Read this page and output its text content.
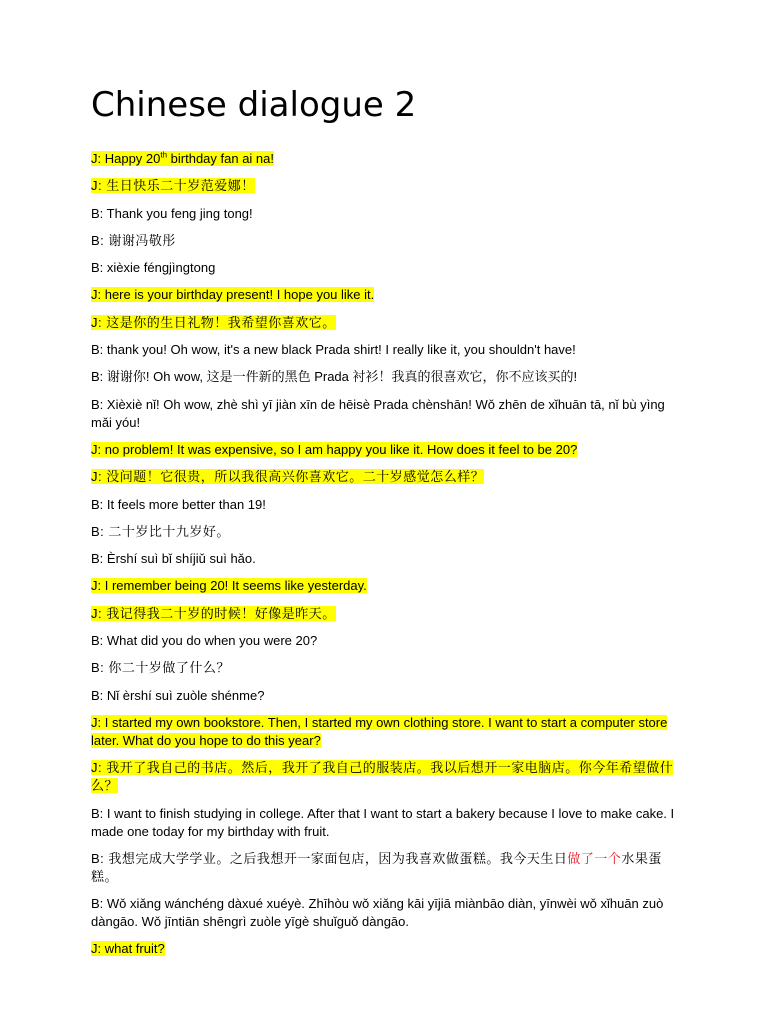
Chinese dialogue 2

J: Happy 20th birthday fan ai na!

J: 生日快乐二十岁范爱娜！

B: Thank you feng jing tong!

B: 谢谢冯敬彤

B: xièxie féngjìngtong

J: here is your birthday present! I hope you like it.

J: 这是你的生日礼物！我希望你喜欢它。

B: thank you! Oh wow, it's a new black Prada shirt! I really like it, you shouldn't have!

B: 谢谢你! Oh wow, 这是一件新的黑色 Prada 衬衫！我真的很喜欢它，你不应该买的!

B: Xièxiè nǐ! Oh wow, zhè shì yī jiàn xīn de hēisè Prada chènshān! Wǒ zhēn de xǐhuān tā, nǐ bù yìng mǎi yóu!

J: no problem! It was expensive, so I am happy you like it. How does it feel to be 20?

J: 没问题！它很贵，所以我很高兴你喜欢它。二十岁感觉怎么样？

B: It feels more better than 19!

B: 二十岁比十九岁好。

B: Èrshí suì bǐ shíjiǔ suì hǎo.

J: I remember being 20! It seems like yesterday.

J: 我记得我二十岁的时候！好像是昨天。

B: What did you do when you were 20?

B: 你二十岁做了什么？

B: Nǐ èrshí suì zuòle shénme?

J: I started my own bookstore. Then, I started my own clothing store. I want to start a computer store later. What do you hope to do this year?

J: 我开了我自己的书店。然后，我开了我自己的服装店。我以后想开一家电脑店。你今年希望做什么？

B: I want to finish studying in college. After that I want to start a bakery because I love to make cake. I made one today for my birthday with fruit.

B: 我想完成大学学业。之后我想开一家面包店，因为我喜欢做蛋糕。我今天生日做了一个水果蛋糕。

B: Wǒ xiǎng wánchéng dàxué xuéyè. Zhīhòu wǒ xiǎng kāi yījiā miànbāo diàn, yīnwèi wǒ xǐhuān zuò dàngāo. Wǒ jīntiān shēngrì zuòle yīgè shuǐguǒ dàngāo.

J: what fruit?
